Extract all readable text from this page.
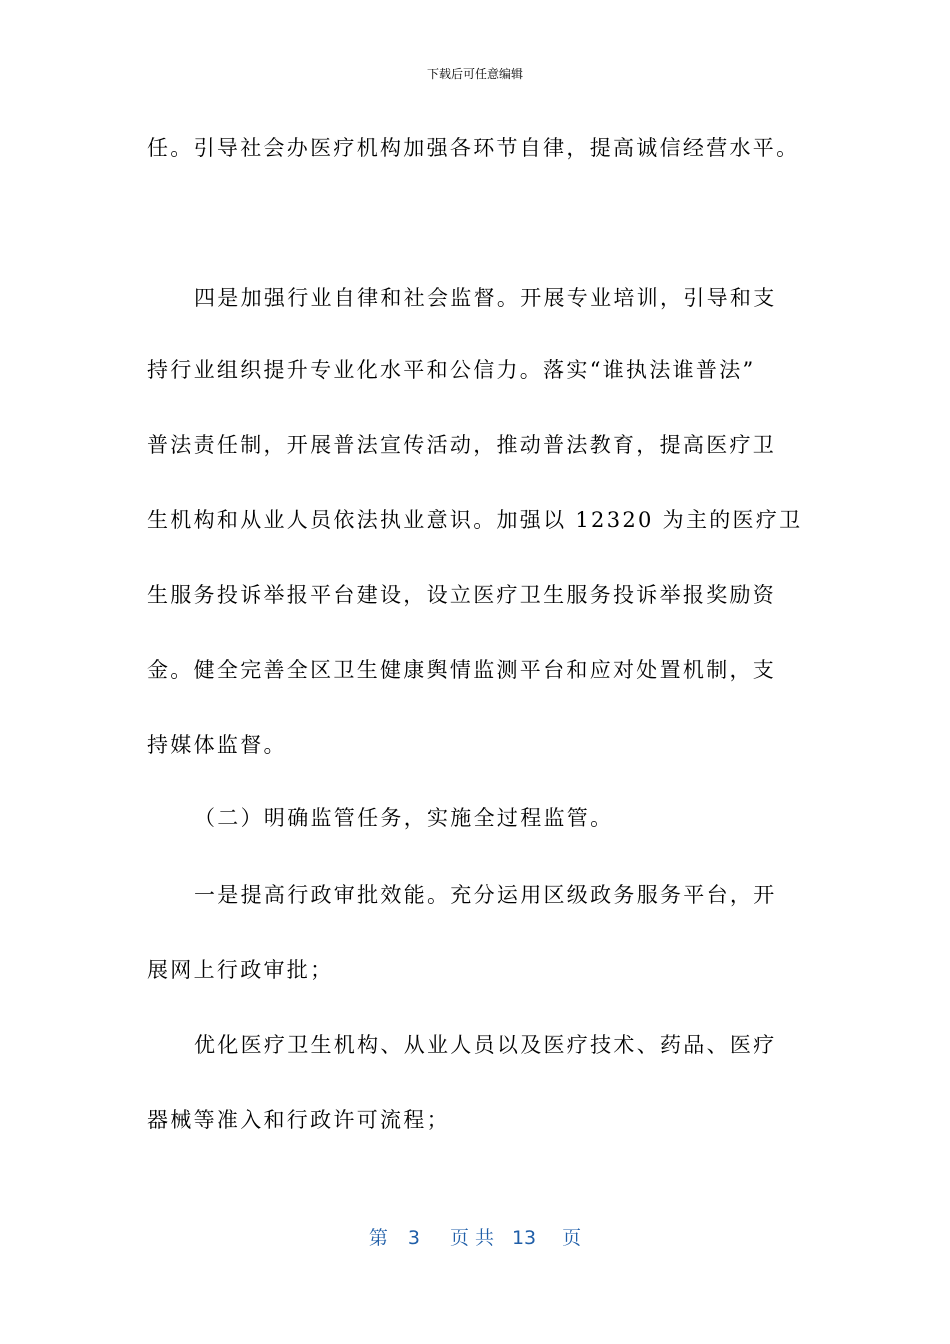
下载后可任意编辑
任。引导社会办医疗机构加强各环节自律，提高诚信经营水平。
四是加强行业自律和社会监督。开展专业培训，引导和支
持行业组织提升专业化水平和公信力。落实“谁执法谁普法”
普法责任制，开展普法宣传活动，推动普法教育，提高医疗卫
生机构和从业人员依法执业意识。加强以 12320 为主的医疗卫
生服务投诉举报平台建设，设立医疗卫生服务投诉举报奖励资
金。健全完善全区卫生健康舆情监测平台和应对处置机制，支
持媒体监督。
（二）明确监管任务，实施全过程监管。
一是提高行政审批效能。充分运用区级政务服务平台，开
展网上行政审批；
优化医疗卫生机构、从业人员以及医疗技术、药品、医疗
器械等准入和行政许可流程；
第 3 页共 13 页
